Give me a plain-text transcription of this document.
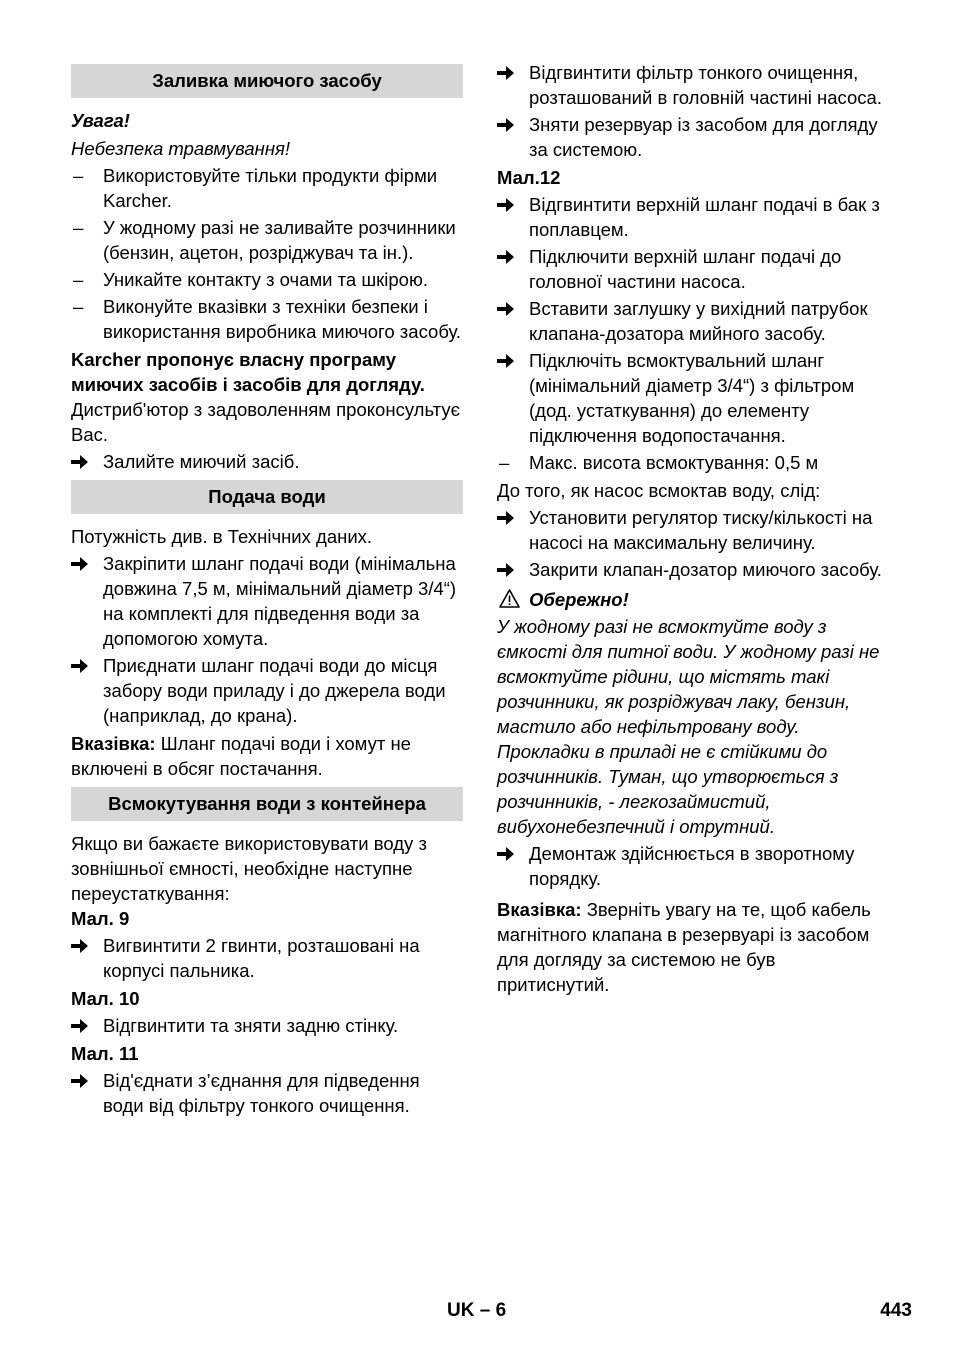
Заливка миючого засобу

Увага!

Небезпека травмування!

–	Використовуйте тільки продукти фірми Karcher.
–	У жодному разі не заливайте розчинники (бензин, ацетон, розріджувач та ін.).
–	Уникайте контакту з очами та шкірою.
–	Виконуйте вказівки з техніки безпеки і використання виробника миючого засобу.

Karcher пропонує власну програму миючих засобів і засобів для догляду.

Дистриб'ютор з задоволенням проконсультує Вас.

Залийте миючий засіб.
Подача води

Потужність див. в Технічних даних.

Закріпити шланг подачі води (мінімальна довжина 7,5 м, мінімальний діаметр 3/4“) на комплекті для підведення води за допомогою хомута.
Приєднати шланг подачі води до місця забору води приладу і до джерела води (наприклад, до крана).

Вказівка: Шланг подачі води і хомут не включені в обсяг постачання.

Всмокутування води з контейнера

Якщо ви бажаєте використовувати воду з зовнішньої ємності, необхідне наступне переустаткування:

Мал. 9

Вигвинтити 2 гвинти, розташовані на корпусі пальника.

Мал. 10

Відгвинтити та зняти задню стінку.

Мал. 11

Від'єднати з’єднання для підведення води від фільтру тонкого очищення.
Відгвинтити фільтр тонкого очищення, розташований в головній частині насоса.
Зняти резервуар із засобом для догляду за системою.

Мал.12

Відгвинтити верхній шланг подачі в бак з поплавцем.
Підключити верхній шланг подачі до головної частини насоса.
Вставити заглушку у вихідний патрубок клапана-дозатора мийного засобу.
Підключіть всмоктувальний шланг (мінімальний діаметр 3/4“) з фільтром (дод. устаткування) до елементу підключення водопостачання.
–	Макс. висота всмоктування: 0,5 м

До того, як насос всмоктав воду, слід:

Установити регулятор тиску/кількості на насосі на максимальну величину.
Закрити клапан-дозатор миючого засобу.
Обережно!

У жодному разі не всмоктуйте воду з ємкості для питної води. У жодному разі не всмоктуйте рідини, що містять такі розчинники, як розріджувач лаку, бензин, мастило або нефільтровану воду. Прокладки в приладі не є стійкими до розчинників. Туман, що утворюється з розчинників, - легкозаймистий, вибухонебезпечний і отрутний.

Демонтаж здійснюється в зворотному порядку.

Вказівка: Зверніть увагу на те, щоб кабель магнітного клапана в резервуарі із засобом для догляду за системою не був притиснутий.

UK – 6	443
